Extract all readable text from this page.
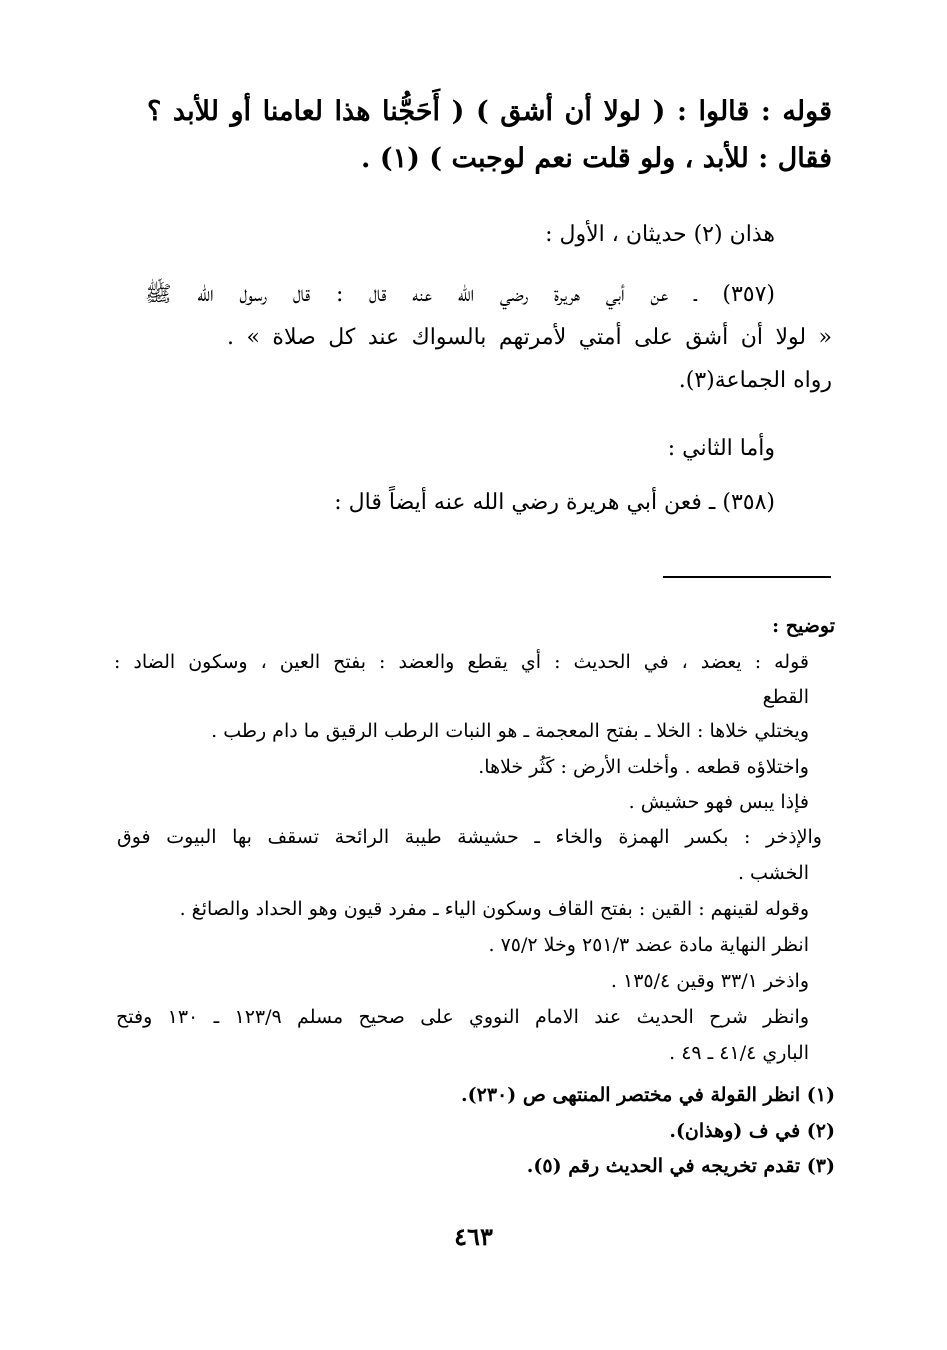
قوله : قالوا : ( لولا أن أشق ) ( أَحَجُّنا هذا لعامنا أو للأبد ؟
فقال : للأبد ، ولو قلت نعم لوجبت ) (١) .
هذان (٢) حديثان ، الأول :
(٣٥٧) ـ عن أبي هريرة رضي الله عنه قال : قال رسول الله ﷺ
« لولا أن أشق على أمتي لأمرتهم بالسواك عند كل صلاة » .
رواه الجماعة(٣).
وأما الثاني :
(٣٥٨) ـ فعن أبي هريرة رضي الله عنه أيضاً قال :
توضيح :
قوله : يعضد ، في الحديث : أي يقطع والعضد : بفتح العين ، وسكون الضاد :
القطع
ويختلي خلاها : الخلا ـ بفتح المعجمة ـ هو النبات الرطب الرقيق ما دام رطب .
واختلاؤه قطعه . وأخلت الأرض : كَثُر خلاها.
فإذا يبس فهو حشيش .
والإذخر : بكسر الهمزة والخاء ـ حشيشة طيبة الرائحة تسقف بها البيوت فوق
الخشب .
وقوله لقينهم : القين : بفتح القاف وسكون الياء ـ مفرد قيون وهو الحداد والصائغ .
انظر النهاية مادة عضد ٢٥١/٣ وخلا ٧٥/٢ .
واذخر ٣٣/١ وقين ١٣٥/٤ .
وانظر شرح الحديث عند الامام النووي على صحيح مسلم ١٢٣/٩ ـ ١٣٠ وفتح
الباري ٤١/٤ ـ ٤٩ .
(١) انظر القولة في مختصر المنتهى ص (٢٣٠).
(٢) في ف (وهذان).
(٣) تقدم تخريجه في الحديث رقم (٥).
٤٦٣
